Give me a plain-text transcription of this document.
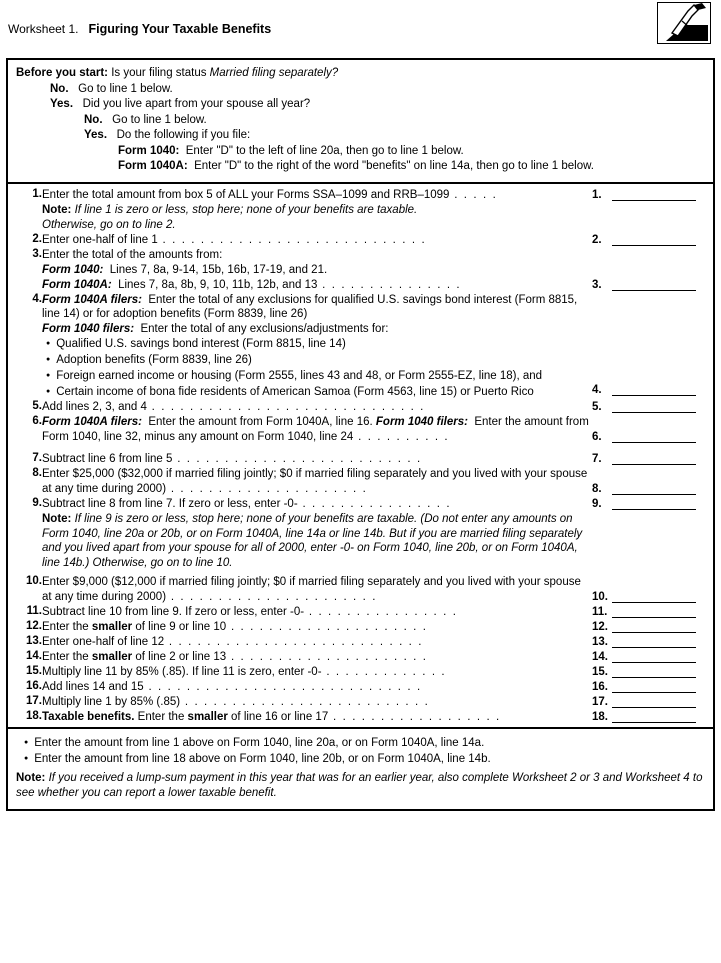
Worksheet 1. Figuring Your Taxable Benefits
Before you start: Is your filing status Married filing separately?
No. Go to line 1 below.
Yes. Did you live apart from your spouse all year?
No. Go to line 1 below.
Yes. Do the following if you file:
Form 1040: Enter "D" to the left of line 20a, then go to line 1 below.
Form 1040A: Enter "D" to the right of the word "benefits" on line 14a, then go to line 1 below.
1.	Enter the total amount from box 5 of ALL your Forms SSA–1099 and RRB–1099 . . . . .
Note: If line 1 is zero or less, stop here; none of your benefits are taxable.
Otherwise, go on to line 2.	1.
2.	Enter one-half of line 1 . . . . . . . . . . . . . . . . . . . . . . . . . . . .	2.
3.	Enter the total of the amounts from:
Form 1040: Lines 7, 8a, 9-14, 15b, 16b, 17-19, and 21.
Form 1040A: Lines 7, 8a, 8b, 9, 10, 11b, 12b, and 13 . . . . . . . . . . . . . . .	3.
4.	Form 1040A filers: Enter the total of any exclusions for qualified U.S. savings bond interest (Form 8815, line 14) or for adoption benefits (Form 8839, line 26)
Form 1040 filers: Enter the total of any exclusions/adjustments for:
● Qualified U.S. savings bond interest (Form 8815, line 14)
● Adoption benefits (Form 8839, line 26)
● Foreign earned income or housing (Form 2555, lines 43 and 48, or Form 2555-EZ, line 18), and
● Certain income of bona fide residents of American Samoa (Form 4563, line 15) or Puerto Rico	4.
5.	Add lines 2, 3, and 4 . . . . . . . . . . . . . . . . . . . . . . . . . . . . .	5.
6.	Form 1040A filers: Enter the amount from Form 1040A, line 16. Form 1040 filers: Enter the amount from Form 1040, line 32, minus any amount on Form 1040, line 24 . . . . . . . . . .	6.
7.	Subtract line 6 from line 5 . . . . . . . . . . . . . . . . . . . . . . . . . .	7.
8.	Enter $25,000 ($32,000 if married filing jointly; $0 if married filing separately and you lived with your spouse at any time during 2000) . . . . . . . . . . . . . . . . . . . . .	8.
9.	Subtract line 8 from line 7. If zero or less, enter -0- . . . . . . . . . . . . . . . .
Note: If line 9 is zero or less, stop here; none of your benefits are taxable. (Do not enter any amounts on Form 1040, line 20a or 20b, or on Form 1040A, line 14a or line 14b. But if you are married filing separately and you lived apart from your spouse for all of 2000, enter -0- on Form 1040, line 20b, or on Form 1040A, line 14b.) Otherwise, go on to line 10.	9.
10.	Enter $9,000 ($12,000 if married filing jointly; $0 if married filing separately and you lived with your spouse at any time during 2000) . . . . . . . . . . . . . . . . . . . . . .	10.
11.	Subtract line 10 from line 9. If zero or less, enter -0- . . . . . . . . . . . . . . . .	11.
12.	Enter the smaller of line 9 or line 10 . . . . . . . . . . . . . . . . . . . . .	12.
13.	Enter one-half of line 12 . . . . . . . . . . . . . . . . . . . . . . . . . . .	13.
14.	Enter the smaller of line 2 or line 13 . . . . . . . . . . . . . . . . . . . . .	14.
15.	Multiply line 11 by 85% (.85). If line 11 is zero, enter -0- . . . . . . . . . . . . .	15.
16.	Add lines 14 and 15 . . . . . . . . . . . . . . . . . . . . . . . . . . . . .	16.
17.	Multiply line 1 by 85% (.85) . . . . . . . . . . . . . . . . . . . . . . . . . .	17.
18.	Taxable benefits. Enter the smaller of line 16 or line 17 . . . . . . . . . . . . . . . . . .	18.
● Enter the amount from line 1 above on Form 1040, line 20a, or on Form 1040A, line 14a.
● Enter the amount from line 18 above on Form 1040, line 20b, or on Form 1040A, line 14b.
Note: If you received a lump-sum payment in this year that was for an earlier year, also complete Worksheet 2 or 3 and Worksheet 4 to see whether you can report a lower taxable benefit.
